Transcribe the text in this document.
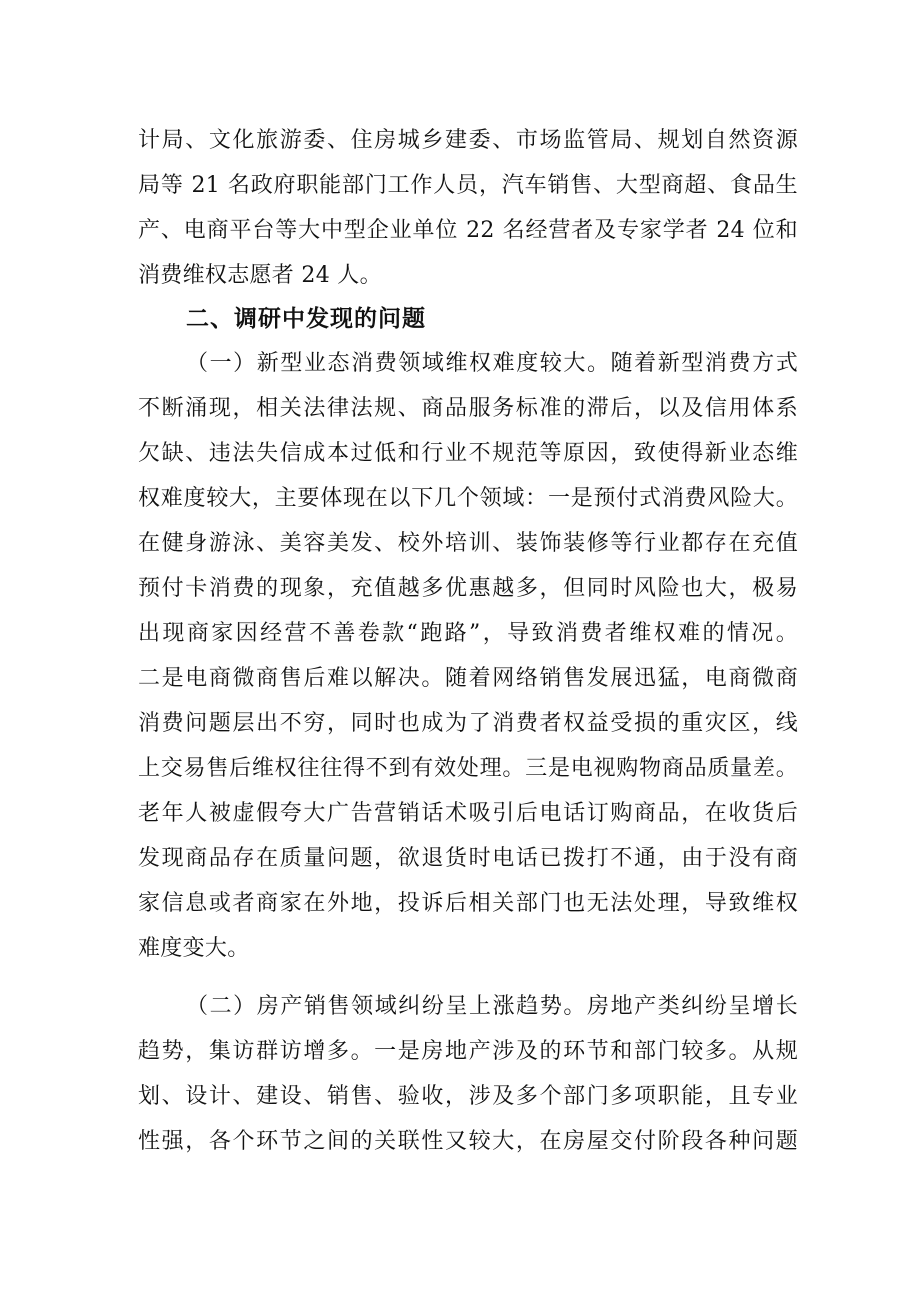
计局、文化旅游委、住房城乡建委、市场监管局、规划自然资源
局等 21 名政府职能部门工作人员，汽车销售、大型商超、食品生
产、电商平台等大中型企业单位 22 名经营者及专家学者 24 位和
消费维权志愿者 24 人。
二、调研中发现的问题
（一）新型业态消费领域维权难度较大。随着新型消费方式
不断涌现，相关法律法规、商品服务标准的滞后，以及信用体系
欠缺、违法失信成本过低和行业不规范等原因，致使得新业态维
权难度较大，主要体现在以下几个领域：一是预付式消费风险大。
在健身游泳、美容美发、校外培训、装饰装修等行业都存在充值
预付卡消费的现象，充值越多优惠越多，但同时风险也大，极易
出现商家因经营不善卷款“跑路”，导致消费者维权难的情况。
二是电商微商售后难以解决。随着网络销售发展迅猛，电商微商
消费问题层出不穷，同时也成为了消费者权益受损的重灾区，线
上交易售后维权往往得不到有效处理。三是电视购物商品质量差。
老年人被虚假夸大广告营销话术吸引后电话订购商品，在收货后
发现商品存在质量问题，欲退货时电话已拨打不通，由于没有商
家信息或者商家在外地，投诉后相关部门也无法处理，导致维权
难度变大。
（二）房产销售领域纠纷呈上涨趋势。房地产类纠纷呈增长
趋势，集访群访增多。一是房地产涉及的环节和部门较多。从规
划、设计、建设、销售、验收，涉及多个部门多项职能，且专业
性强，各个环节之间的关联性又较大，在房屋交付阶段各种问题
